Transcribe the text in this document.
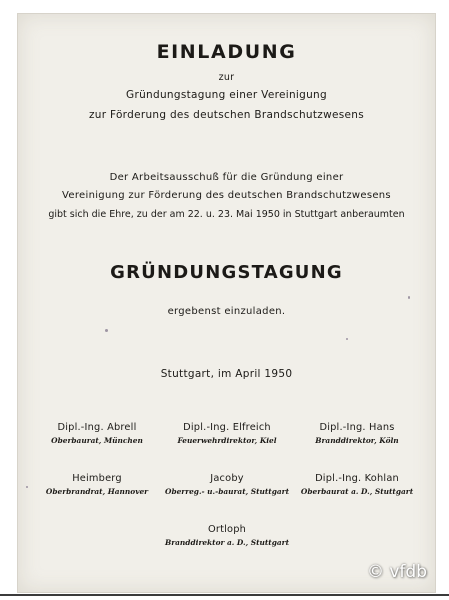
EINLADUNG
zur
Gründungstagung einer Vereinigung
zur Förderung des deutschen Brandschutzwesens
Der Arbeitsausschuß für die Gründung einer
Vereinigung zur Förderung des deutschen Brandschutzwesens
gibt sich die Ehre, zu der am 22. u. 23. Mai 1950 in Stuttgart anberaumten
GRÜNDUNGSTAGUNG
ergebenst einzuladen.
Stuttgart, im April 1950
Dipl.-Ing. Abrell
Oberbaurat, München
Dipl.-Ing. Elfreich
Feuerwehrdirektor, Kiel
Dipl.-Ing. Hans
Branddirektor, Köln
Heimberg
Oberbrandrat, Hannover
Jacoby
Oberreg.- u.-baurat, Stuttgart
Dipl.-Ing. Kohlan
Oberbaurat a. D., Stuttgart
Ortloph
Branddirektor a. D., Stuttgart
© vfdb
